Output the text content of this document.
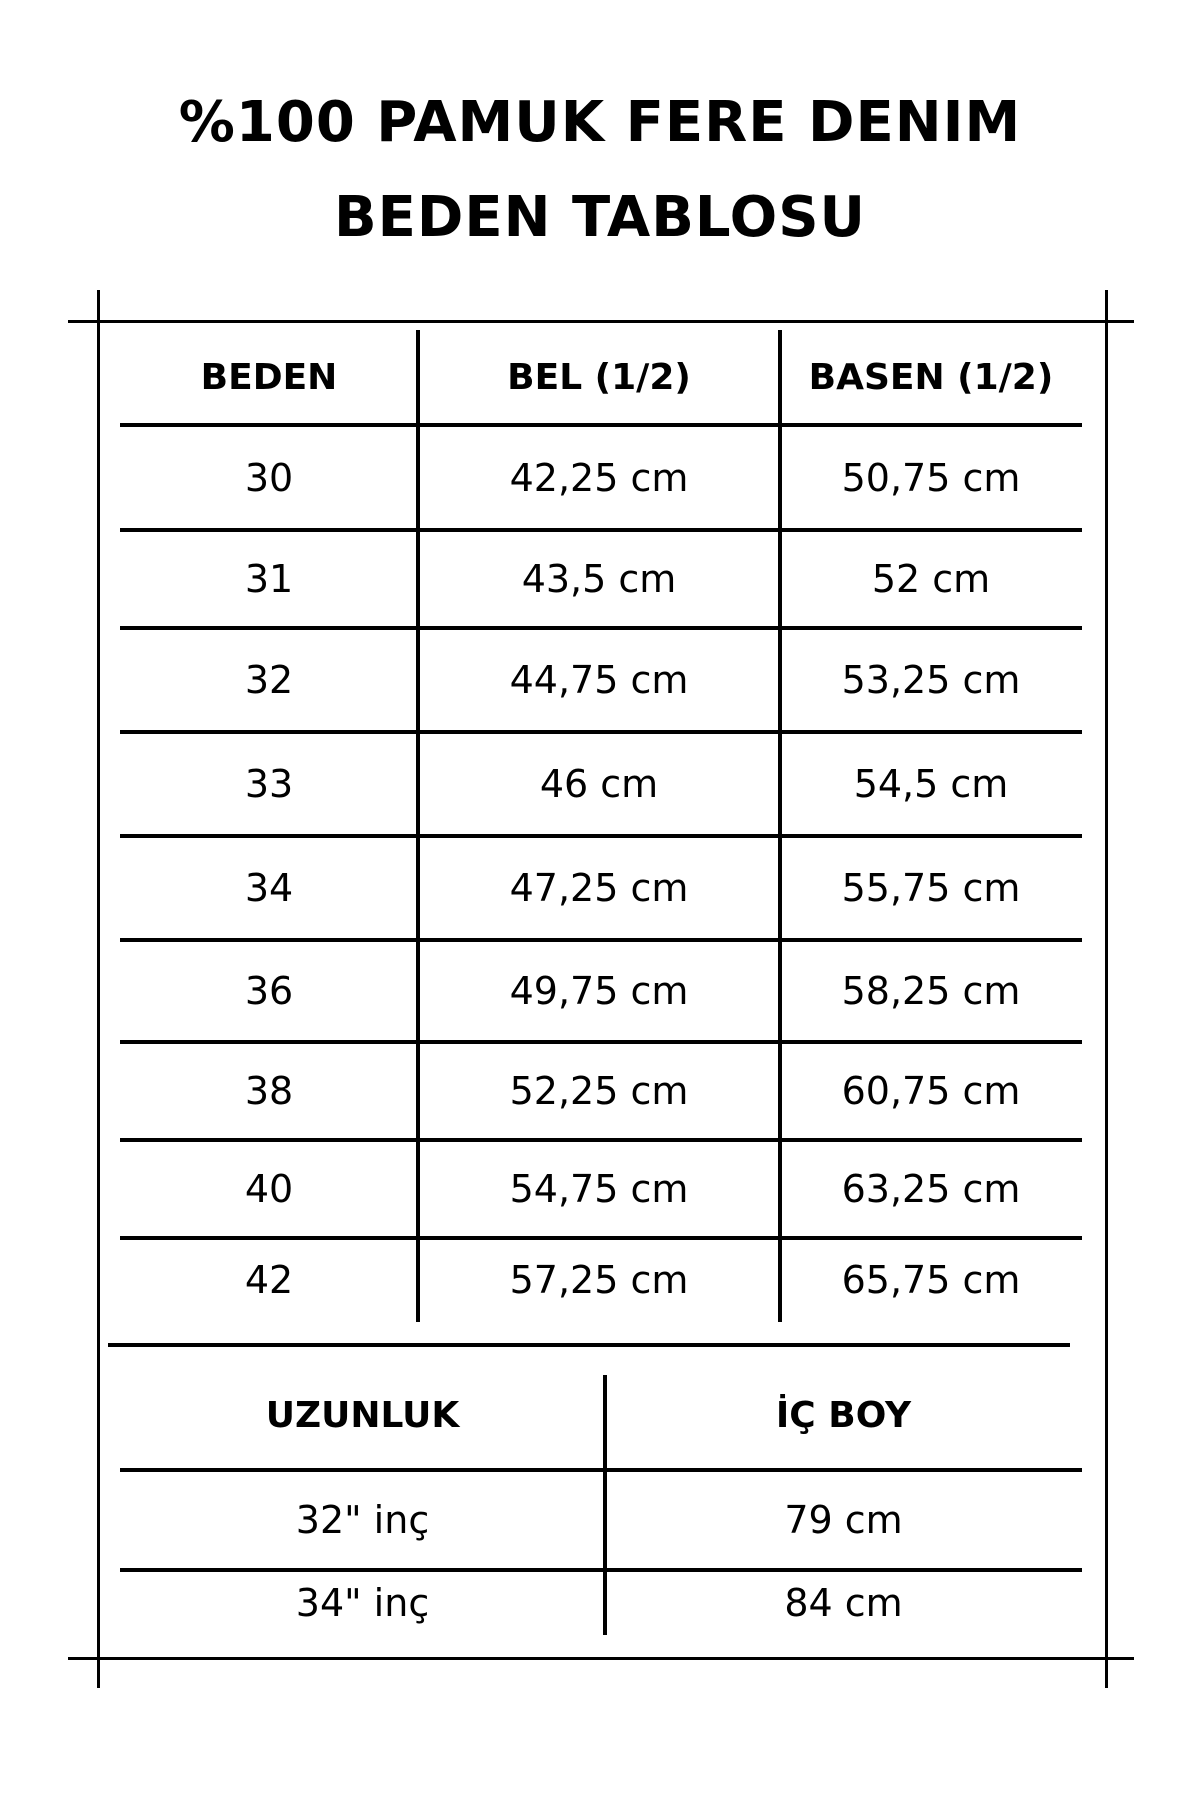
%100 PAMUK FERE DENIM
BEDEN TABLOSU
BEDEN	BEL (1/2)	BASEN (1/2)
30	42,25 cm	50,75 cm
31	43,5 cm	52 cm
32	44,75 cm	53,25 cm
33	46 cm	54,5 cm
34	47,25 cm	55,75 cm
36	49,75 cm	58,25 cm
38	52,25 cm	60,75 cm
40	54,75 cm	63,25 cm
42	57,25 cm	65,75 cm
UZUNLUK	İÇ BOY
32" inç	79 cm
34" inç	84 cm
